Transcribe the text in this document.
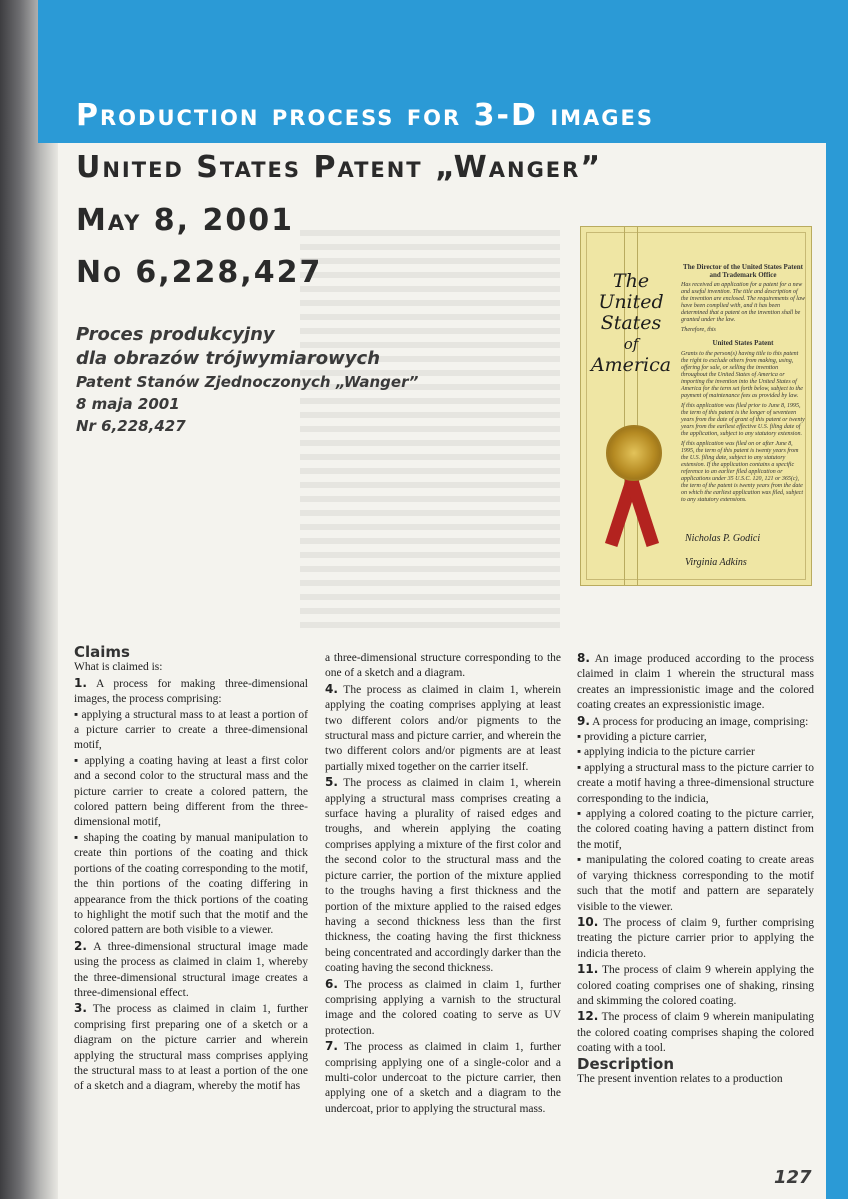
Production process for 3-D images
United States Patent „Wanger”
May 8, 2001
No 6,228,427
Proces produkcyjny
dla obrazów trójwymiarowych
Patent Stanów Zjednoczonych „Wanger”
8 maja 2001
Nr 6,228,427
The
United
States
of
America
The Director of the United States Patent and Trademark Office
Has received an application for a patent for a new and useful invention. The title and description of the invention are enclosed. The requirements of law have been complied with, and it has been determined that a patent on the invention shall be granted under the law.
Therefore, this
United States Patent
Grants to the person(s) having title to this patent the right to exclude others from making, using, offering for sale, or selling the invention throughout the United States of America or importing the invention into the United States of America for the term set forth below, subject to the payment of maintenance fees as provided by law.
If this application was filed prior to June 8, 1995, the term of this patent is the longer of seventeen years from the date of grant of this patent or twenty years from the earliest effective U.S. filing date of the application, subject to any statutory extension.
If this application was filed on or after June 8, 1995, the term of this patent is twenty years from the U.S. filing date, subject to any statutory extension. If the application contains a specific reference to an earlier filed application or applications under 35 U.S.C. 120, 121 or 365(c), the term of the patent is twenty years from the date on which the earliest application was filed, subject to any statutory extensions.
Nicholas P. Godici
Virginia Adkins

Claims

What is claimed is:

1. A process for making three-dimensional images, the process comprising:

▪ applying a structural mass to at least a portion of a picture carrier to create a three-dimensional motif,

▪ applying a coating having at least a first color and a second color to the structural mass and the picture carrier to create a colored pattern, the colored pattern being different from the three-dimensional motif,

▪ shaping the coating by manual manipulation to create thin portions of the coating and thick portions of the coating corresponding to the motif, the thin portions of the coating differing in appearance from the thick portions of the coating to highlight the motif such that the motif and the colored pattern are both visible to a viewer.

2. A three-dimensional structural image made using the process as claimed in claim 1, whereby the three-dimensional structural image creates a three-dimensional effect.

3. The process as claimed in claim 1, further comprising first preparing one of a sketch or a diagram on the picture carrier and wherein applying the structural mass comprises applying the structural mass to at least a portion of the one of a sketch and a diagram, whereby the motif has

a three-dimensional structure corresponding to the one of a sketch and a diagram.

4. The process as claimed in claim 1, wherein applying the coating comprises applying at least two different colors and/or pigments to the structural mass and picture carrier, and wherein the two different colors and/or pigments are at least partially mixed together on the carrier itself.

5. The process as claimed in claim 1, wherein applying a structural mass comprises creating a surface having a plurality of raised edges and troughs, and wherein applying the coating comprises applying a mixture of the first color and the second color to the structural mass and the picture carrier, the portion of the mixture applied to the troughs having a first thickness and the portion of the mixture applied to the raised edges having a second thickness less than the first thickness, the coating having the first thickness being concentrated and accordingly darker than the coating having the second thickness.

6. The process as claimed in claim 1, further comprising applying a varnish to the structural image and the colored coating to serve as UV protection.

7. The process as claimed in claim 1, further comprising applying one of a single-color and a multi-color undercoat to the picture carrier, then applying one of a sketch and a diagram to the undercoat, prior to applying the structural mass.

8. An image produced according to the process claimed in claim 1 wherein the structural mass creates an impressionistic image and the colored coating creates an expressionistic image.

9. A process for producing an image, comprising:

▪ providing a picture carrier,

▪ applying indicia to the picture carrier

▪ applying a structural mass to the picture carrier to create a motif having a three-dimensional structure corresponding to the indicia,

▪ applying a colored coating to the picture carrier, the colored coating having a pattern distinct from the motif,

▪ manipulating the colored coating to create areas of varying thickness corresponding to the motif such that the motif and pattern are separately visible to the viewer.

10. The process of claim 9, further comprising treating the picture carrier prior to applying the indicia thereto.

11. The process of claim 9 wherein applying the colored coating comprises one of shaking, rinsing and skimming the colored coating.

12. The process of claim 9 wherein manipulating the colored coating comprises shaping the colored coating with a tool.

Description

The present invention relates to a production

127
